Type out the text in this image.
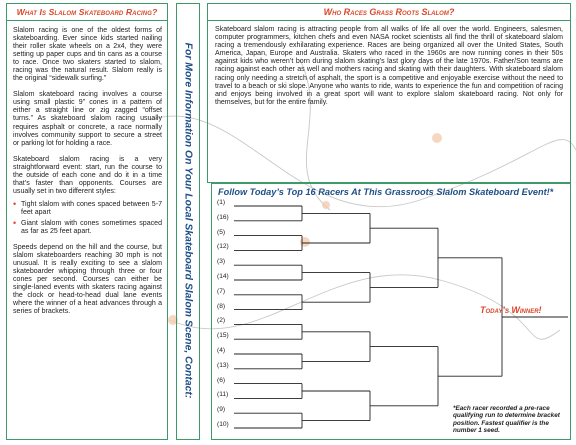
What Is Slalom Skateboard Racing?

Slalom racing is one of the oldest forms of skateboarding. Ever since kids started nailing their roller skate wheels on a 2x4, they were setting up paper cups and tin cans as a course to race. Once two skaters started to slalom, racing was the natural result. Slalom really is the original “sidewalk surfing.”

Slalom skateboard racing involves a course using small plastic 9” cones in a pattern of either a straight line or zig zagged “offset turns.” As skateboard slalom racing usually requires asphalt or concrete, a race normally involves community support to secure a street or parking lot for holding a race.

Skateboard slalom racing is a very straightforward event: start, run the course to the outside of each cone and do it in a time that’s faster than opponents. Courses are usually set in two different styles:

• Tight slalom with cones spaced between 5-7 feet apart
• Giant slalom with cones sometimes spaced as far as 25 feet apart.

Speeds depend on the hill and the course, but slalom skateboarders reaching 30 mph is not unusual. It is really exciting to see a slalom skateboarder whipping through three or four cones per second. Courses can either be single-laned events with skaters racing against the clock or head-to-head dual lane events where the winner of a heat advances through a series of brackets.	For More Information On Your Local Skateboard Slalom Scene, Contact:
Who Races Grass Roots Slalom?
Skateboard slalom racing is attracting people from all walks of life all over the world. Engineers, salesmen, computer programmers, kitchen chefs and even NASA rocket scientists all find the thrill of skateboard slalom racing a tremendously exhilarating experience. Races are being organized all over the United States, South America, Japan, Europe and Australia. Skaters who raced in the 1960s are now running cones in their 50s against kids who weren’t born during slalom skating’s last glory days of the late 1970s. Father/Son teams are racing against each other as well and mothers racing and skating with their daughters. With skateboard slalom racing only needing a stretch of asphalt, the sport is a competitive and enjoyable exercise without the need to travel to a beach or ski slope. Anyone who wants to ride, wants to experience the fun and competition of racing and enjoys being involved in a great sport will want to explore slalom skateboard racing. Not only for themselves, but for the entire family.
Follow Today’s Top 16 Racers At This Grassroots Slalom Skateboard Event!*
(1)
(16)
(5)
(12)
(3)
(14)
(7)
(8)
(2)
(15)
(4)
(13)
(6)
(11)
(9)
(10)
Today’s Winner!
*Each racer recorded a pre-race qualifying run to determine bracket position. Fastest qualifier is the number 1 seed.
